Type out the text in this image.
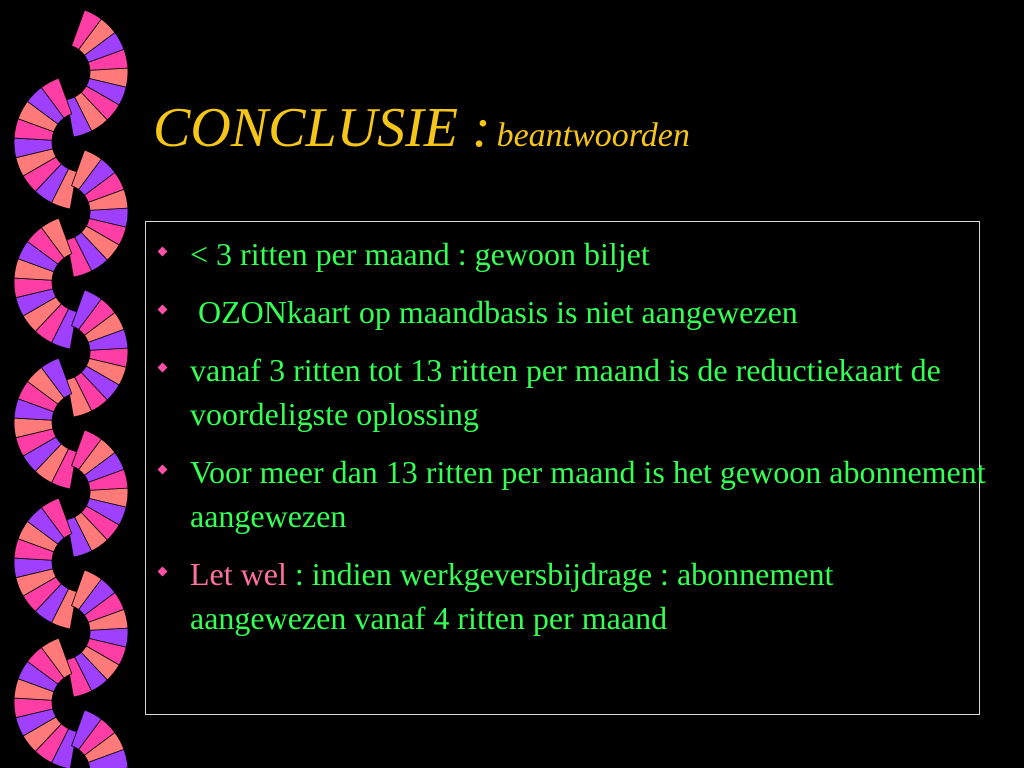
CONCLUSIE : beantwoorden
< 3 ritten per maand : gewoon biljet
OZONkaart op maandbasis is niet aangewezen
vanaf 3 ritten tot 13 ritten per maand is de reductiekaart de voordeligste oplossing
Voor meer dan 13 ritten per maand is het gewoon abonnement aangewezen
Let wel : indien werkgeversbijdrage : abonnement aangewezen vanaf 4 ritten per maand
